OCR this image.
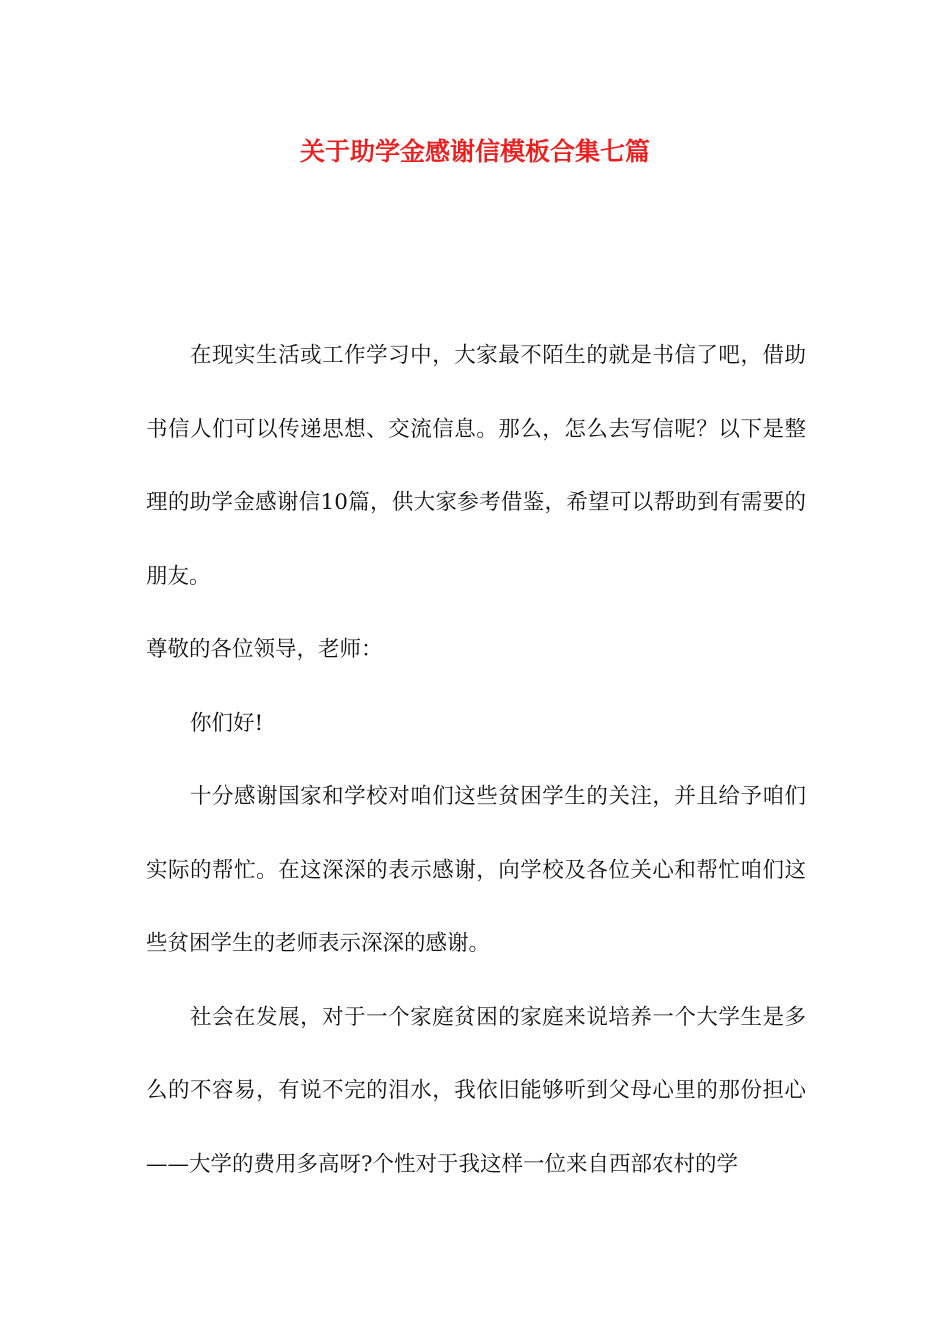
关于助学金感谢信模板合集七篇

在现实生活或工作学习中，大家最不陌生的就是书信了吧，借助书信人们可以传递思想、交流信息。那么，怎么去写信呢？以下是整理的助学金感谢信10篇，供大家参考借鉴，希望可以帮助到有需要的朋友。

尊敬的各位领导，老师：

你们好!

十分感谢国家和学校对咱们这些贫困学生的关注，并且给予咱们实际的帮忙。在这深深的表示感谢，向学校及各位关心和帮忙咱们这些贫困学生的老师表示深深的感谢。

社会在发展，对于一个家庭贫困的家庭来说培养一个大学生是多么的不容易，有说不完的泪水，我依旧能够听到父母心里的那份担心——大学的费用多高呀?个性对于我这样一位来自西部农村的学
